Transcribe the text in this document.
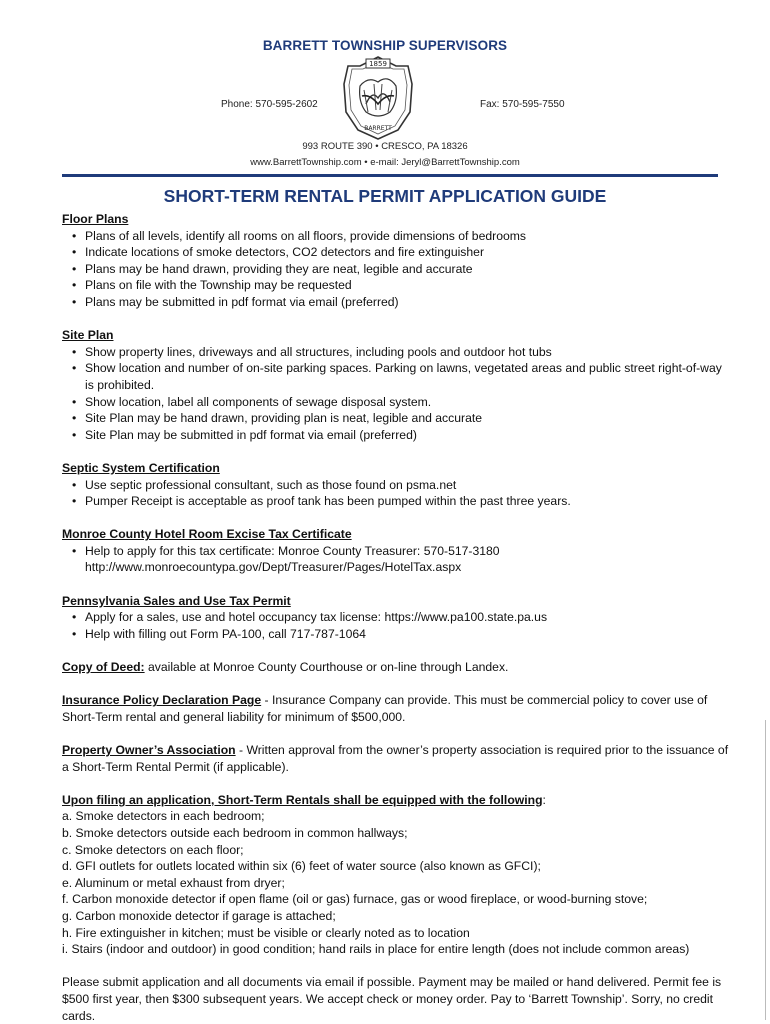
BARRETT TOWNSHIP SUPERVISORS
1859
BARRETT
Phone: 570-595-2602	Fax: 570-595-7550
993 ROUTE 390 • CRESCO, PA 18326
www.BarrettTownship.com • e-mail: Jeryl@BarrettTownship.com
SHORT-TERM RENTAL PERMIT APPLICATION GUIDE
Floor Plans
• Plans of all levels, identify all rooms on all floors, provide dimensions of bedrooms
• Indicate locations of smoke detectors, CO2 detectors and fire extinguisher
• Plans may be hand drawn, providing they are neat, legible and accurate
• Plans on file with the Township may be requested
• Plans may be submitted in pdf format via email (preferred)
Site Plan
• Show property lines, driveways and all structures, including pools and outdoor hot tubs
• Show location and number of on-site parking spaces. Parking on lawns, vegetated areas and public street right-of-way is prohibited.
• Show location, label all components of sewage disposal system.
• Site Plan may be hand drawn, providing plan is neat, legible and accurate
• Site Plan may be submitted in pdf format via email (preferred)
Septic System Certification
• Use septic professional consultant, such as those found on psma.net
• Pumper Receipt is acceptable as proof tank has been pumped within the past three years.
Monroe County Hotel Room Excise Tax Certificate
• Help to apply for this tax certificate: Monroe County Treasurer: 570-517-3180 http://www.monroecountypa.gov/Dept/Treasurer/Pages/HotelTax.aspx
Pennsylvania Sales and Use Tax Permit
• Apply for a sales, use and hotel occupancy tax license: https://www.pa100.state.pa.us
• Help with filling out Form PA-100, call 717-787-1064
Copy of Deed: available at Monroe County Courthouse or on-line through Landex.
Insurance Policy Declaration Page - Insurance Company can provide. This must be commercial policy to cover use of Short-Term rental and general liability for minimum of $500,000.
Property Owner’s Association - Written approval from the owner’s property association is required prior to the issuance of a Short-Term Rental Permit (if applicable).
Upon filing an application, Short-Term Rentals shall be equipped with the following:
a. Smoke detectors in each bedroom;
b. Smoke detectors outside each bedroom in common hallways;
c. Smoke detectors on each floor;
d. GFI outlets for outlets located within six (6) feet of water source (also known as GFCI);
e. Aluminum or metal exhaust from dryer;
f. Carbon monoxide detector if open flame (oil or gas) furnace, gas or wood fireplace, or wood-burning stove;
g. Carbon monoxide detector if garage is attached;
h. Fire extinguisher in kitchen; must be visible or clearly noted as to location
i. Stairs (indoor and outdoor) in good condition; hand rails in place for entire length (does not include common areas)
Please submit application and all documents via email if possible. Payment may be mailed or hand delivered. Permit fee is $500 first year, then $300 subsequent years. We accept check or money order. Pay to ‘Barrett Township’. Sorry, no credit cards.
